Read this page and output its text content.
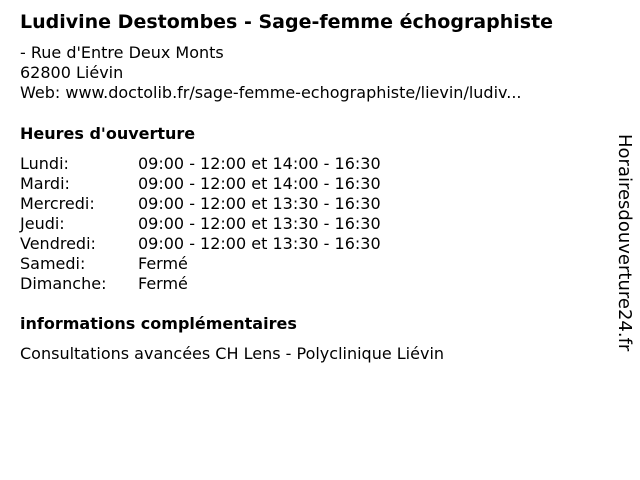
Ludivine Destombes - Sage-femme échographiste
- Rue d'Entre Deux Monts
62800 Liévin
Web: www.doctolib.fr/sage-femme-echographiste/lievin/ludiv...
Heures d'ouverture
Lundi:	09:00 - 12:00 et 14:00 - 16:30
Mardi:	09:00 - 12:00 et 14:00 - 16:30
Mercredi:	09:00 - 12:00 et 13:30 - 16:30
Jeudi:	09:00 - 12:00 et 13:30 - 16:30
Vendredi:	09:00 - 12:00 et 13:30 - 16:30
Samedi:	Fermé
Dimanche: Fermé
informations complémentaires
Consultations avancées CH Lens - Polyclinique Liévin
Horairesdouverture24.fr
